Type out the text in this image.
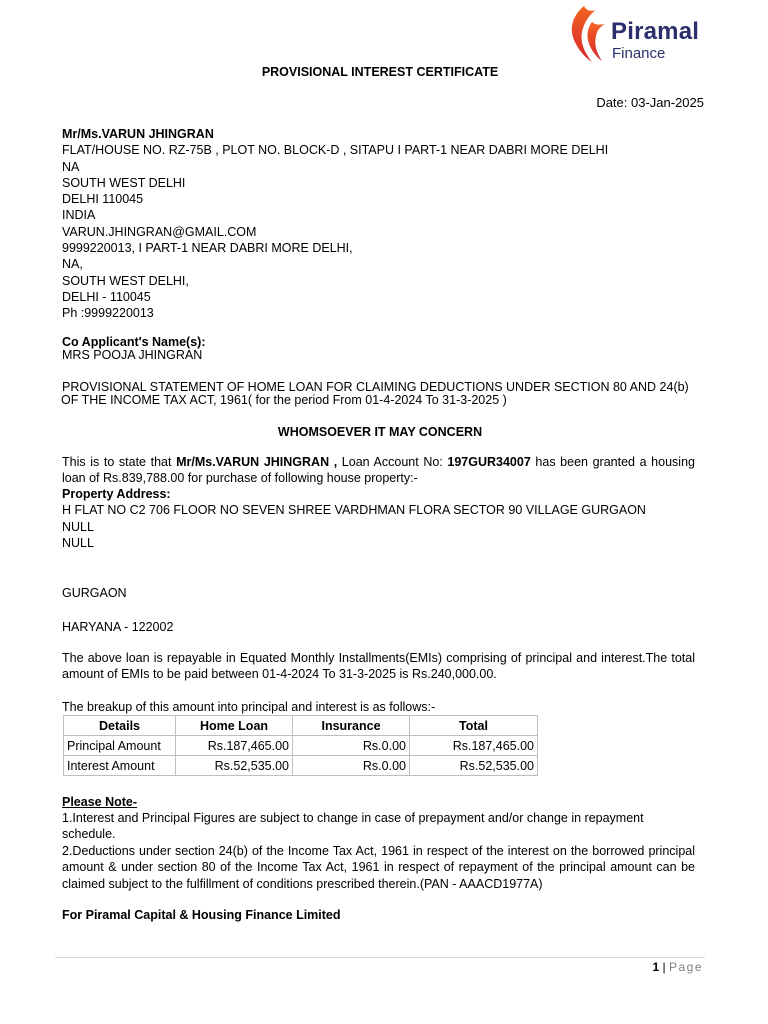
Piramal
Finance
PROVISIONAL INTEREST CERTIFICATE
Date: 03-Jan-2025
Mr/Ms.VARUN JHINGRAN
FLAT/HOUSE NO. RZ-75B , PLOT NO. BLOCK-D , SITAPU I PART-1 NEAR DABRI MORE DELHI
NA
SOUTH WEST DELHI
DELHI 110045
INDIA
VARUN.JHINGRAN@GMAIL.COM
9999220013, I PART-1 NEAR DABRI MORE DELHI,
NA,
SOUTH WEST DELHI,
DELHI - 110045
Ph :9999220013
Co Applicant's Name(s):
MRS POOJA JHINGRAN
PROVISIONAL STATEMENT OF HOME LOAN FOR CLAIMING DEDUCTIONS UNDER SECTION 80 AND 24(b)
OF THE INCOME TAX ACT, 1961( for the period From 01-4-2024 To 31-3-2025 )
WHOMSOEVER IT MAY CONCERN
This is to state that Mr/Ms.VARUN JHINGRAN , Loan Account No: 197GUR34007 has been granted a housing loan of Rs.839,788.00 for purchase of following house property:-
Property Address:
H FLAT NO C2 706 FLOOR NO SEVEN SHREE VARDHMAN FLORA SECTOR 90 VILLAGE GURGAON
NULL
NULL
GURGAON
HARYANA - 122002
The above loan is repayable in Equated Monthly Installments(EMIs) comprising of principal and interest.The total amount of EMIs to be paid between 01-4-2024 To 31-3-2025 is Rs.240,000.00.
The breakup of this amount into principal and interest is as follows:-
Details	Home Loan	Insurance	Total
Principal Amount	Rs.187,465.00	Rs.0.00	Rs.187,465.00
Interest Amount	Rs.52,535.00	Rs.0.00	Rs.52,535.00
Please Note-
1.Interest and Principal Figures are subject to change in case of prepayment and/or change in repayment schedule.
2.Deductions under section 24(b) of the Income Tax Act, 1961 in respect of the interest on the borrowed principal amount & under section 80 of the Income Tax Act, 1961 in respect of repayment of the principal amount can be claimed subject to the fulfillment of conditions prescribed therein.(PAN - AAACD1977A)
For Piramal Capital & Housing Finance Limited
1 | Page
